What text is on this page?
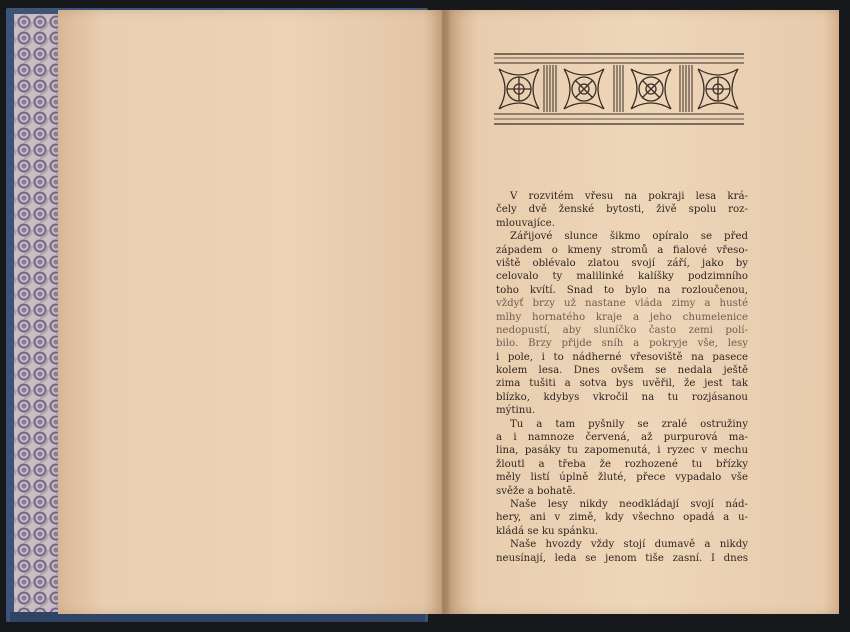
V rozvitém vřesu na pokraji lesa krá-
čely dvě ženské bytosti, živě spolu roz-
mlouvajíce.
Zářijové slunce šikmo opíralo se před
západem o kmeny stromů a fialové vřeso-
viště oblévalo zlatou svojí září, jako by
celovalo ty malilinké kalíšky podzimního
toho kvítí. Snad to bylo na rozloučenou,
vždyť brzy už nastane vláda zimy a husté
mlhy hornatého kraje a jeho chumelenice
nedopustí, aby sluníčko často zemi polí-
bilo. Brzy přijde sníh a pokryje vše, lesy
i pole, i to nádherné vřesoviště na pasece
kolem lesa. Dnes ovšem se nedala ještě
zima tušiti a sotva bys uvěřil, že jest tak
blízko, kdybys vkročil na tu rozjásanou
mýtinu.
Tu a tam pyšnily se zralé ostružiny
a i namnoze červená, až purpurová ma-
lina, pasáky tu zapomenutá, i ryzec v mechu
žloutl a třeba že rozhozené tu břízky
měly listí úplně žluté, přece vypadalo vše
svěže a bohatě.
Naše lesy nikdy neodkládají svojí nád-
hery, ani v zimě, kdy všechno opadá a u-
kládá se ku spánku.
Naše hvozdy vždy stojí dumavě a nikdy
neusínají, leda se jenom tiše zasní. I dnes
